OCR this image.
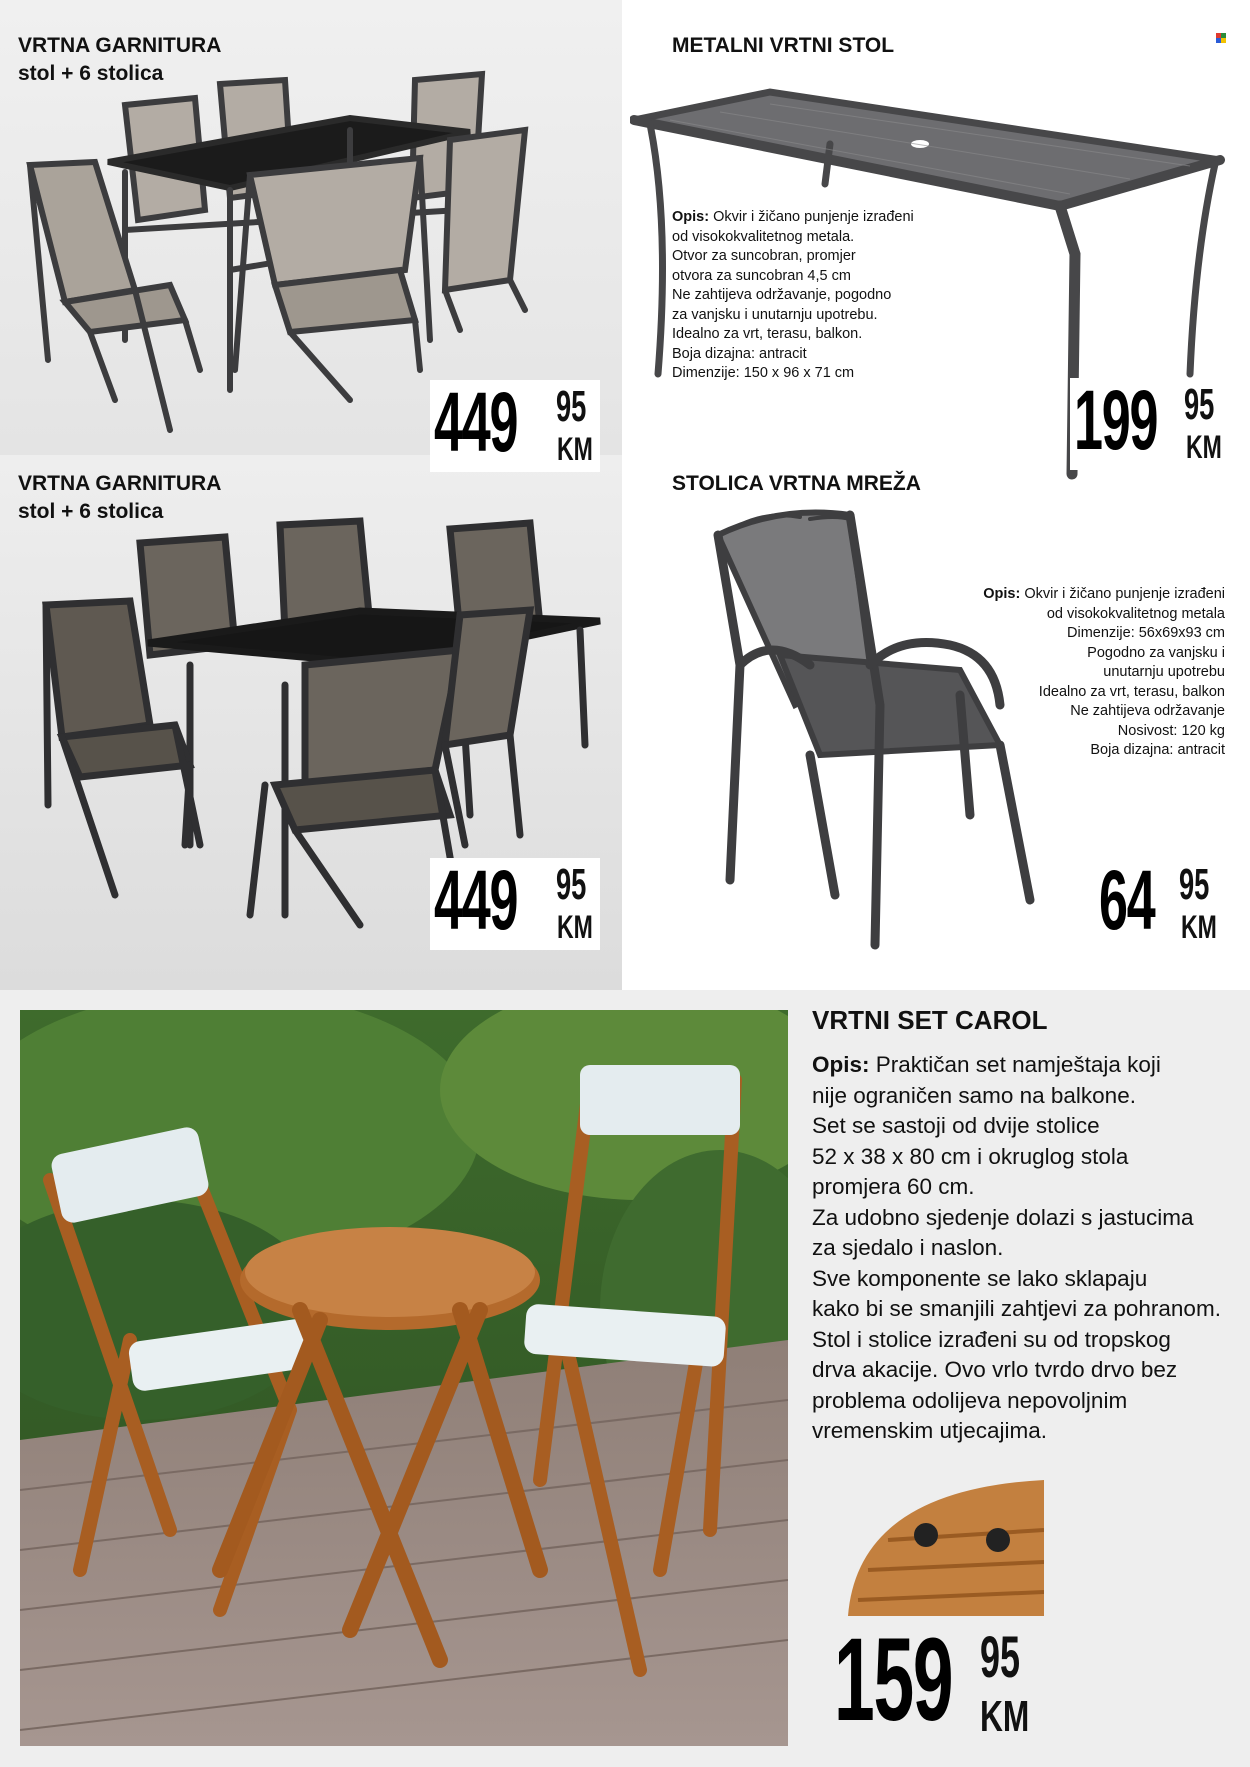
VRTNA GARNITURA
stol + 6 stolica
449 95
KM
METALNI VRTNI STOL
Opis: Okvir i žičano punjenje izrađeni
od visokokvalitetnog metala.
Otvor za suncobran, promjer
otvora za suncobran 4,5 cm
Ne zahtijeva održavanje, pogodno
za vanjsku i unutarnju upotrebu.
Idealno za vrt, terasu, balkon.
Boja dizajna: antracit
Dimenzije: 150 x 96 x 71 cm	199 95
KM
VRTNA GARNITURA
stol + 6 stolica
449 95
KM
STOLICA VRTNA MREŽA
Opis: Okvir i žičano punjenje izrađeni
od visokokvalitetnog metala
Dimenzije: 56x69x93 cm
Pogodno za vanjsku i
unutarnju upotrebu
Idealno za vrt, terasu, balkon
Ne zahtijeva održavanje
Nosivost: 120 kg
Boja dizajna: antracit
64 95
KM
VRTNI SET CAROL
Opis: Praktičan set namještaja koji
nije ograničen samo na balkone.
Set se sastoji od dvije stolice
52 x 38 x 80 cm i okruglog stola
promjera 60 cm.
Za udobno sjedenje dolazi s jastucima
za sjedalo i naslon.
Sve komponente se lako sklapaju
kako bi se smanjili zahtjevi za pohranom.
Stol i stolice izrađeni su od tropskog
drva akacije. Ovo vrlo tvrdo drvo bez
problema odolijeva nepovoljnim
vremenskim utjecajima.
159 95
KM
